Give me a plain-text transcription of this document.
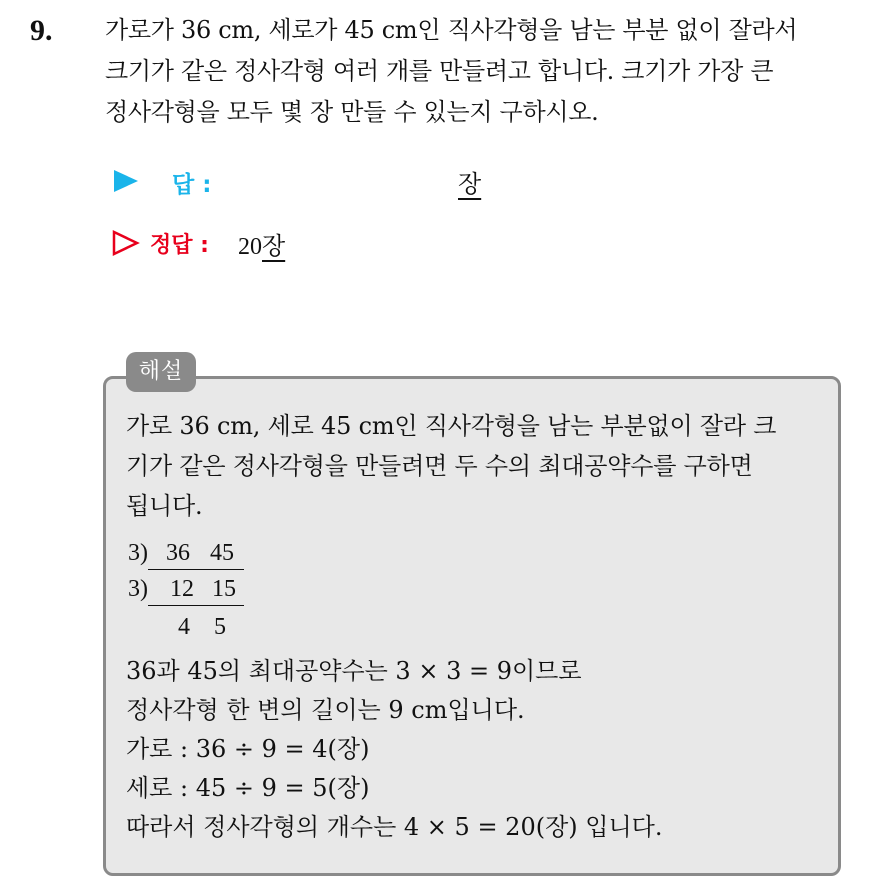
9. 가로가 36 cm, 세로가 45 cm인 직사각형을 남는 부분 없이 잘라서

크기가 같은 정사각형 여러 개를 만들려고 합니다. 크기가 가장 큰

정사각형을 모두 몇 장 만들 수 있는지 구하시오.

답 :	장
정답 : 20장
해설

가로 36 cm, 세로 45 cm인 직사각형을 남는 부분없이 잘라 크

기가 같은 정사각형을 만들려면 두 수의 최대공약수를 구하면

됩니다.

3) 36 45
3) 12 15
4	5

36과 45의 최대공약수는 3 × 3 = 9이므로

정사각형 한 변의 길이는 9 cm입니다.

가로 : 36 ÷ 9 = 4(장)

세로 : 45 ÷ 9 = 5(장)

따라서 정사각형의 개수는 4 × 5 = 20(장) 입니다.
